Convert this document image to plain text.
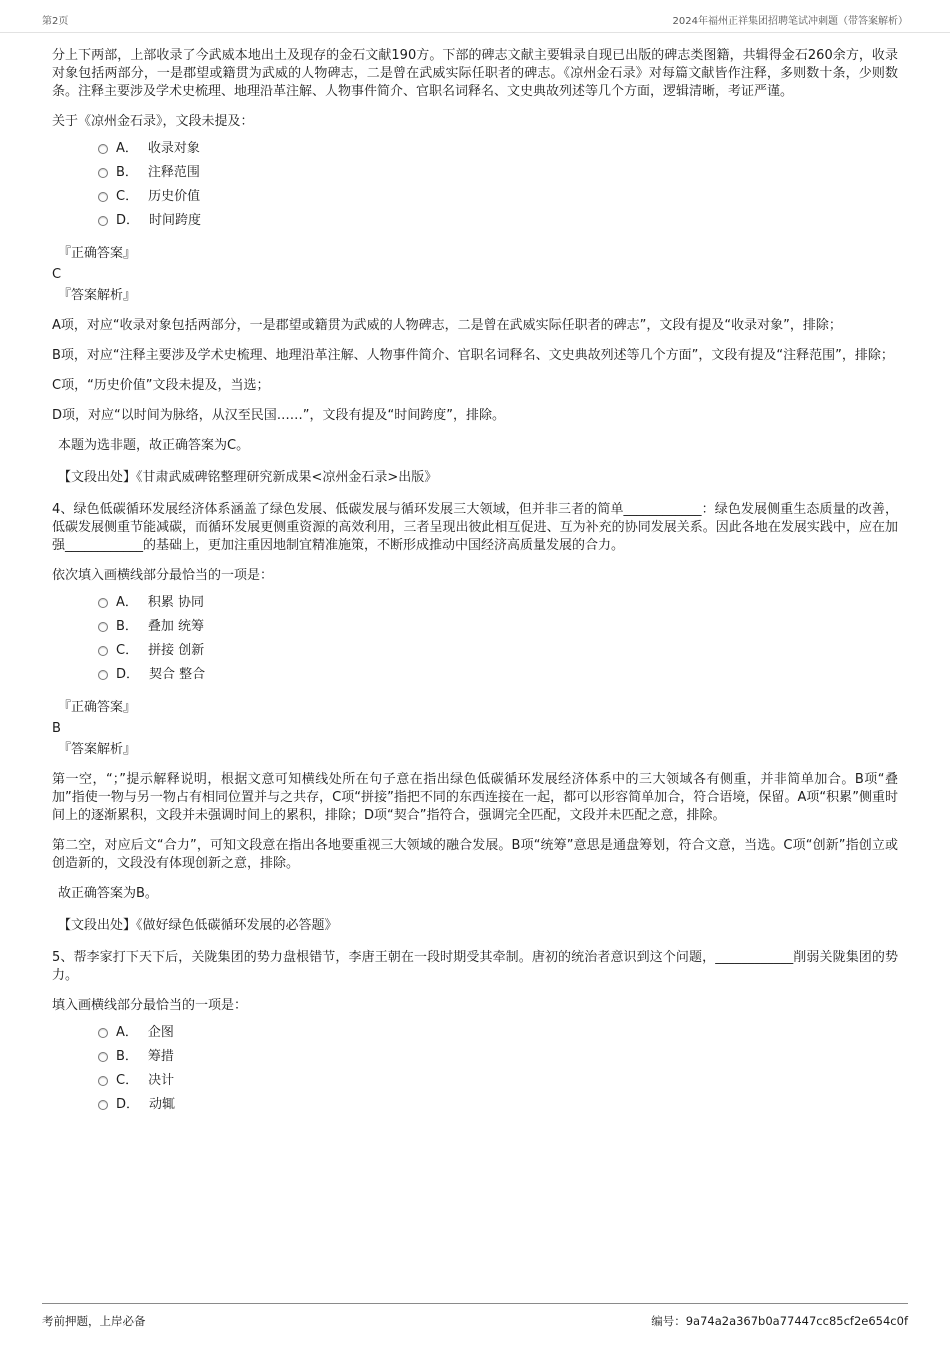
第2页	2024年福州正祥集团招聘笔试冲刺题（带答案解析）

分上下两部，上部收录了今武威本地出土及现存的金石文献190方。下部的碑志文献主要辑录自现已出版的碑志类图籍，共辑得金石260余方，收录对象包括两部分，一是郡望或籍贯为武威的人物碑志，二是曾在武威实际任职者的碑志。《凉州金石录》对每篇文献皆作注释，多则数十条，少则数条。注释主要涉及学术史梳理、地理沿革注解、人物事件简介、官职名词释名、文史典故列述等几个方面，逻辑清晰，考证严谨。

关于《凉州金石录》，文段未提及：

A． 收录对象
B． 注释范围
C． 历史价值
D． 时间跨度

『正确答案』

C

『答案解析』

A项，对应“收录对象包括两部分，一是郡望或籍贯为武威的人物碑志，二是曾在武威实际任职者的碑志”，文段有提及“收录对象”，排除；

B项，对应“注释主要涉及学术史梳理、地理沿革注解、人物事件简介、官职名词释名、文史典故列述等几个方面”，文段有提及“注释范围”，排除；

C项，“历史价值”文段未提及，当选；

D项，对应“以时间为脉络，从汉至民国……”，文段有提及“时间跨度”，排除。

本题为选非题，故正确答案为C。

【文段出处】《甘肃武威碑铭整理研究新成果<凉州金石录>出版》

4、绿色低碳循环发展经济体系涵盖了绿色发展、低碳发展与循环发展三大领域，但并非三者的简单____________：绿色发展侧重生态质量的改善，低碳发展侧重节能减碳，而循环发展更侧重资源的高效利用，三者呈现出彼此相互促进、互为补充的协同发展关系。因此各地在发展实践中，应在加强____________的基础上，更加注重因地制宜精准施策，不断形成推动中国经济高质量发展的合力。

依次填入画横线部分最恰当的一项是：

A． 积累 协同
B． 叠加 统筹
C． 拼接 创新
D． 契合 整合

『正确答案』

B

『答案解析』

第一空，“；”提示解释说明，根据文意可知横线处所在句子意在指出绿色低碳循环发展经济体系中的三大领域各有侧重，并非简单加合。B项“叠加”指使一物与另一物占有相同位置并与之共存，C项“拼接”指把不同的东西连接在一起，都可以形容简单加合，符合语境，保留。A项“积累”侧重时间上的逐渐累积，文段并未强调时间上的累积，排除；D项“契合”指符合，强调完全匹配，文段并未匹配之意，排除。

第二空，对应后文“合力”，可知文段意在指出各地要重视三大领域的融合发展。B项“统筹”意思是通盘筹划，符合文意，当选。C项“创新”指创立或创造新的，文段没有体现创新之意，排除。

故正确答案为B。

【文段出处】《做好绿色低碳循环发展的必答题》

5、帮李家打下天下后，关陇集团的势力盘根错节，李唐王朝在一段时期受其牵制。唐初的统治者意识到这个问题，____________削弱关陇集团的势力。

填入画横线部分最恰当的一项是：

A． 企图
B． 筹措
C． 决计
D． 动辄
考前押题，上岸必备	编号：9a74a2a367b0a77447cc85cf2e654c0f
